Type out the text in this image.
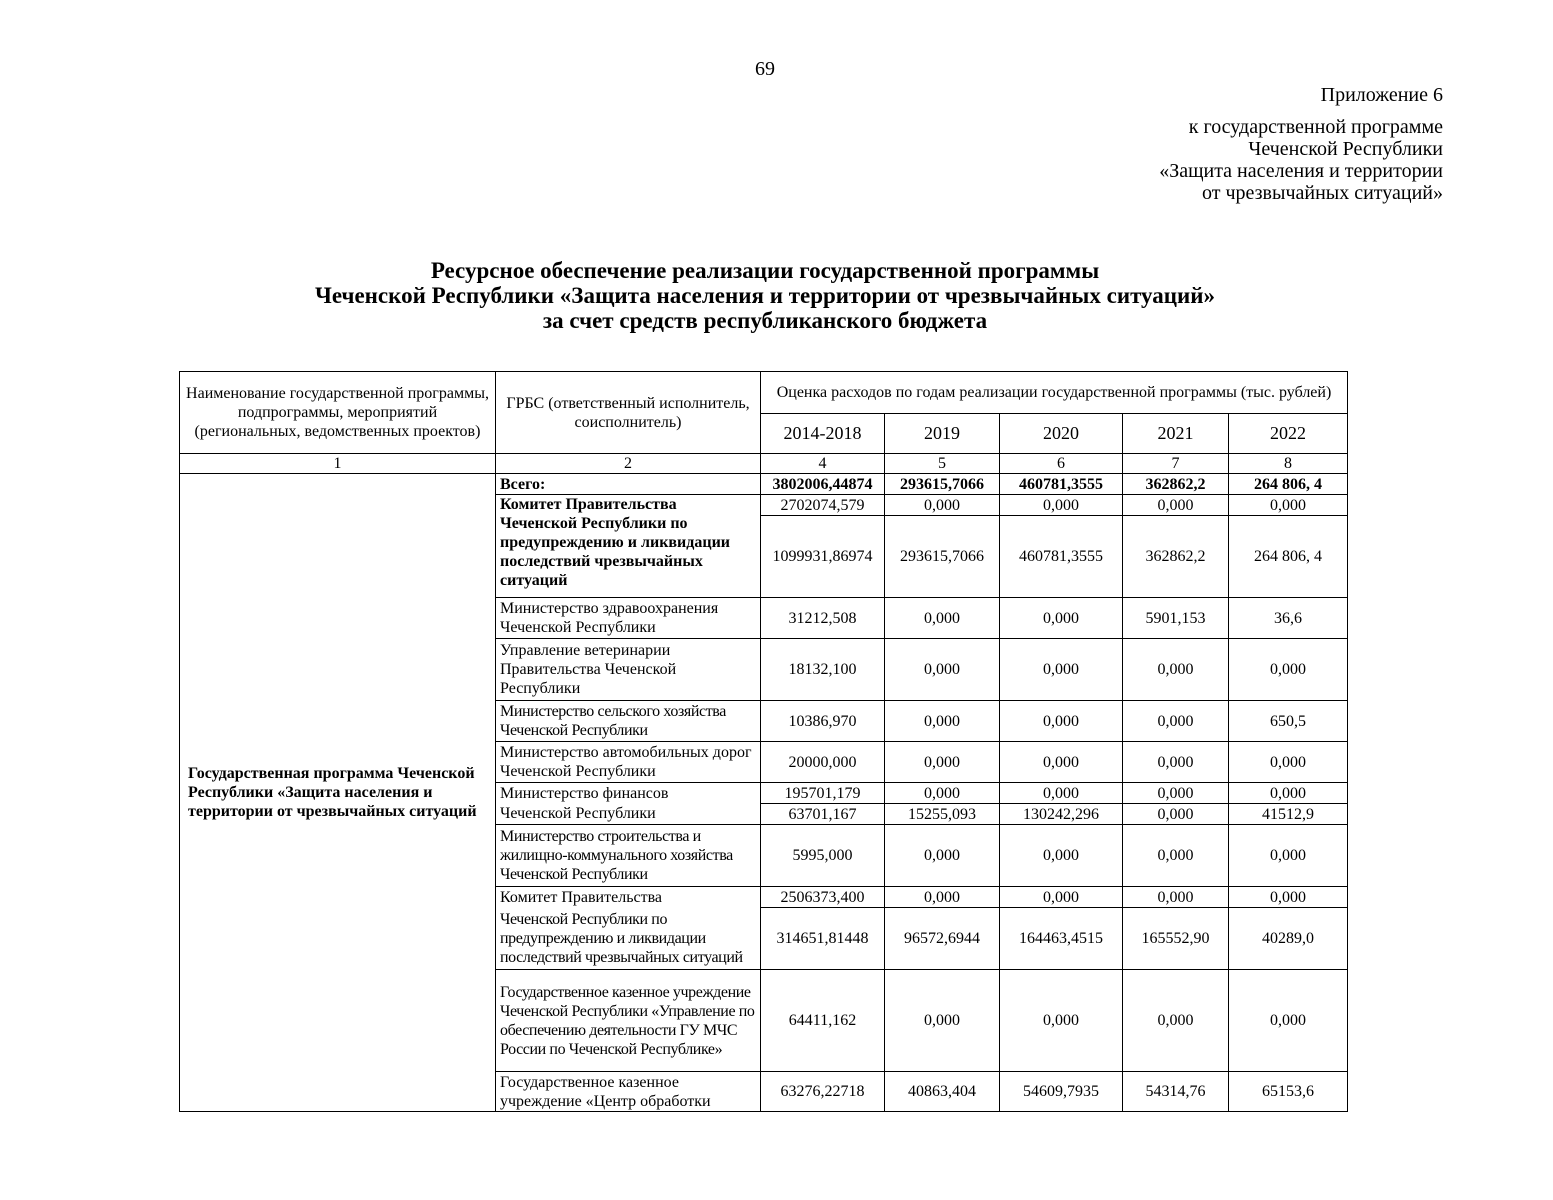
69
Приложение 6
к государственной программе
Чеченской Республики
«Защита населения и территории
от чрезвычайных ситуаций»
Ресурсное обеспечение реализации государственной программы
Чеченской Республики «Защита населения и территории от чрезвычайных ситуаций»
за счет средств республиканского бюджета
Наименование государственной программы, подпрограммы, мероприятий (региональных, ведомственных проектов)	ГРБС (ответственный исполнитель, соисполнитель)	Оценка расходов по годам реализации государственной программы (тыс. рублей)				
		2014-2018	2019	2020	2021	2022
1	2	4	5	6	7	8
Государственная программа Чеченской Республики «Защита населения и территории от чрезвычайных ситуаций	Всего:	3802006,44874	293615,7066	460781,3555	362862,2	264 806, 4
	Комитет Правительства Чеченской Республики по предупреждению и ликвидации последствий чрезвычайных ситуаций	2702074,579	0,000	0,000	0,000	0,000
		1099931,86974	293615,7066	460781,3555	362862,2	264 806, 4
	Министерство здравоохранения Чеченской Республики	31212,508	0,000	0,000	5901,153	36,6
	Управление ветеринарии Правительства Чеченской Республики	18132,100	0,000	0,000	0,000	0,000
	Министерство сельского хозяйства Чеченской Республики	10386,970	0,000	0,000	0,000	650,5
	Министерство автомобильных дорог Чеченской Республики	20000,000	0,000	0,000	0,000	0,000
	Министерство финансов	195701,179	0,000	0,000	0,000	0,000
	Чеченской Республики	63701,167	15255,093	130242,296	0,000	41512,9
	Министерство строительства и жилищно-коммунального хозяйства Чеченской Республики	5995,000	0,000	0,000	0,000	0,000
	Комитет Правительства	2506373,400	0,000	0,000	0,000	0,000
	Чеченской Республики по предупреждению и ликвидации последствий чрезвычайных ситуаций	314651,81448	96572,6944	164463,4515	165552,90	40289,0
	Государственное казенное учреждение Чеченской Республики «Управление по обеспечению деятельности ГУ МЧС России по Чеченской Республике»	64411,162	0,000	0,000	0,000	0,000
	Государственное казенное учреждение «Центр обработки	63276,22718	40863,404	54609,7935	54314,76	65153,6
